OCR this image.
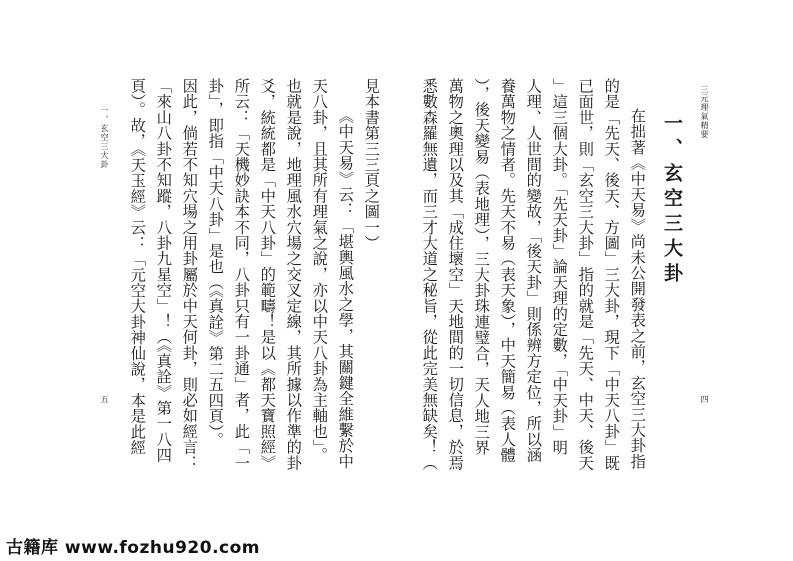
三元理氣精要
四
一、玄空三大卦
在拙著《中天易》尚未公開發表之前，玄空三大卦指
的是「先天、後天、方圖」三大卦，現下「中天八卦」既
已面世，則「玄空三大卦」指的就是「先天、中天、後天
」這三個大卦。「先天卦」論天理的定數，「中天卦」明
人理、人世間的變故，「後天卦」則係辨方定位，所以涵
養萬物之情者。先天不易（表天象），中天簡易（表人體
），後天變易（表地理），三大卦珠連璧合，天人地三界
萬物之奧理以及其「成住壞空」天地間的一切信息，於焉
悉數森羅無遺，而三才大道之秘旨，從此完美無缺矣！（
見本書第三三頁之圖一）
《中天易》云：「堪輿風水之學，其關鍵全維繫於中
天八卦，且其所有理氣之說，亦以中天八卦為主軸也」。
也就是說，地理風水穴場之交叉定線，其所據以作準的卦
爻，統統都是「中天八卦」的範疇！是以《都天寶照經》
所云：「天機妙訣本不同，八卦只有一卦通」者，此「一
卦」，即指「中天八卦」是也（《真詮》第二五四頁）。
因此，倘若不知穴場之用卦屬於中天何卦，則必如經言：
「來山八卦不知蹤，八卦九星空」！（《真詮》第一八四
頁）。故，《天玉經》云：「元空大卦神仙說，本是此經
一、玄空三大卦
五
古籍库 www.fozhu920.com
